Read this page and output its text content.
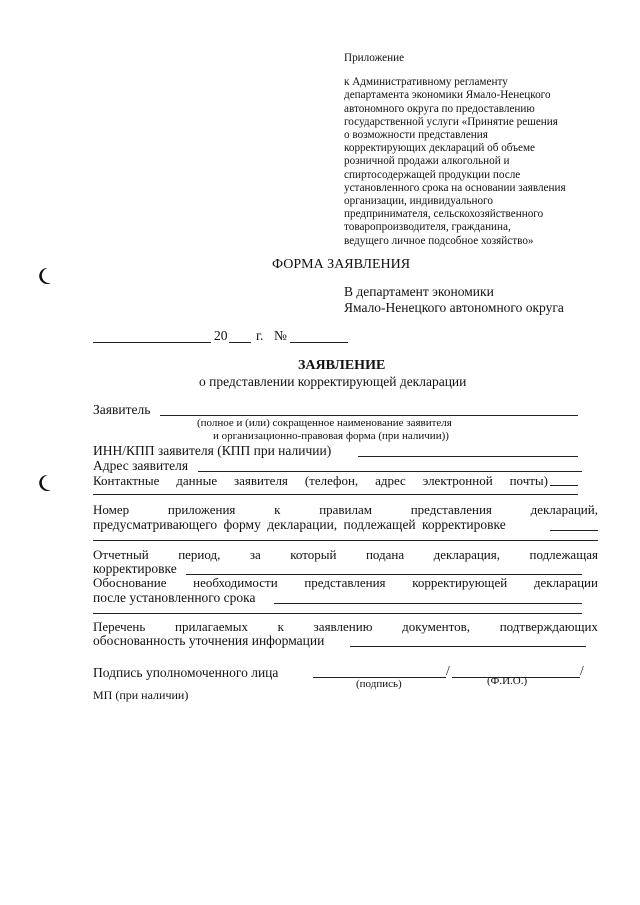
Приложение
к Административному регламенту
департамента экономики Ямало-Ненецкого
автономного округа по предоставлению
государственной услуги «Принятие решения
о возможности представления
корректирующих деклараций об объеме
розничной продажи алкогольной и
спиртосодержащей продукции после
установленного срока на основании заявления
организации, индивидуального
предпринимателя, сельскохозяйственного
товаропроизводителя, гражданина,
ведущего личное подсобное хозяйство»
ФОРМА ЗАЯВЛЕНИЯ
В департамент экономики
Ямало-Ненецкого автономного округа
20 г. №
ЗАЯВЛЕНИЕ
о представлении корректирующей декларации
Заявитель
(полное и (или) сокращенное наименование заявителя
и организационно-правовая форма (при наличии))
ИНН/КПП заявителя (КПП при наличии)
Адрес заявителя
Контактные данные заявителя (телефон, адрес электронной почты)
Номер	приложения	к	правилам	представления	деклараций,
предусматривающего форму декларации, подлежащей корректировке
Отчетный период, за который подана декларация, подлежащая
корректировке
Обоснование необходимости представления корректирующей декларации
после установленного срока
Перечень прилагаемых к заявлению документов, подтверждающих
обоснованность уточнения информации
Подпись уполномоченного лица	/	/
(подпись)	(Ф.И.О.)
МП (при наличии)
